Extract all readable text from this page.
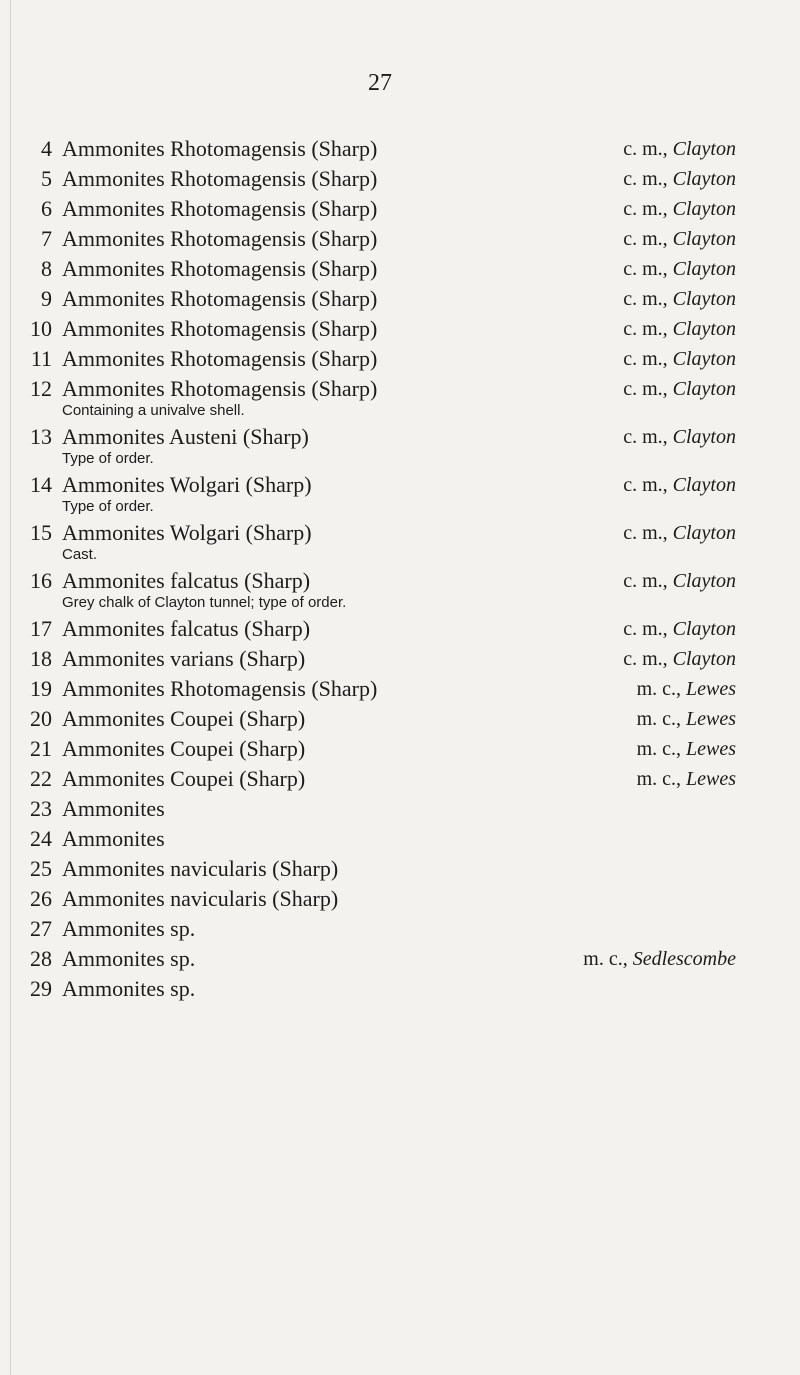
27
4 Ammonites Rhotomagensis (Sharp)	c. m., Clayton
5 Ammonites Rhotomagensis (Sharp)	c. m., Clayton
6 Ammonites Rhotomagensis (Sharp)	c. m., Clayton
7 Ammonites Rhotomagensis (Sharp)	c. m., Clayton
8 Ammonites Rhotomagensis (Sharp)	c. m., Clayton
9 Ammonites Rhotomagensis (Sharp)	c. m., Clayton
10 Ammonites Rhotomagensis (Sharp)	c. m., Clayton
11 Ammonites Rhotomagensis (Sharp)	c. m., Clayton
12 Ammonites Rhotomagensis (Sharp)	c. m., Clayton
Containing a univalve shell.
13 Ammonites Austeni (Sharp)	c. m., Clayton
Type of order.
14 Ammonites Wolgari (Sharp)	c. m., Clayton
Type of order.
15 Ammonites Wolgari (Sharp)	c. m., Clayton
Cast.
16 Ammonites falcatus (Sharp)	c. m., Clayton
Grey chalk of Clayton tunnel; type of order.
17 Ammonites falcatus (Sharp)	c. m., Clayton
18 Ammonites varians (Sharp)	c. m., Clayton
19 Ammonites Rhotomagensis (Sharp)	m. c., Lewes
20 Ammonites Coupei (Sharp)	m. c., Lewes
21 Ammonites Coupei (Sharp)	m. c., Lewes
22 Ammonites Coupei (Sharp)	m. c., Lewes
23 Ammonites
24 Ammonites
25 Ammonites navicularis (Sharp)
26 Ammonites navicularis (Sharp)
27 Ammonites sp.
28 Ammonites sp.	m. c., Sedlescombe
29 Ammonites sp.
